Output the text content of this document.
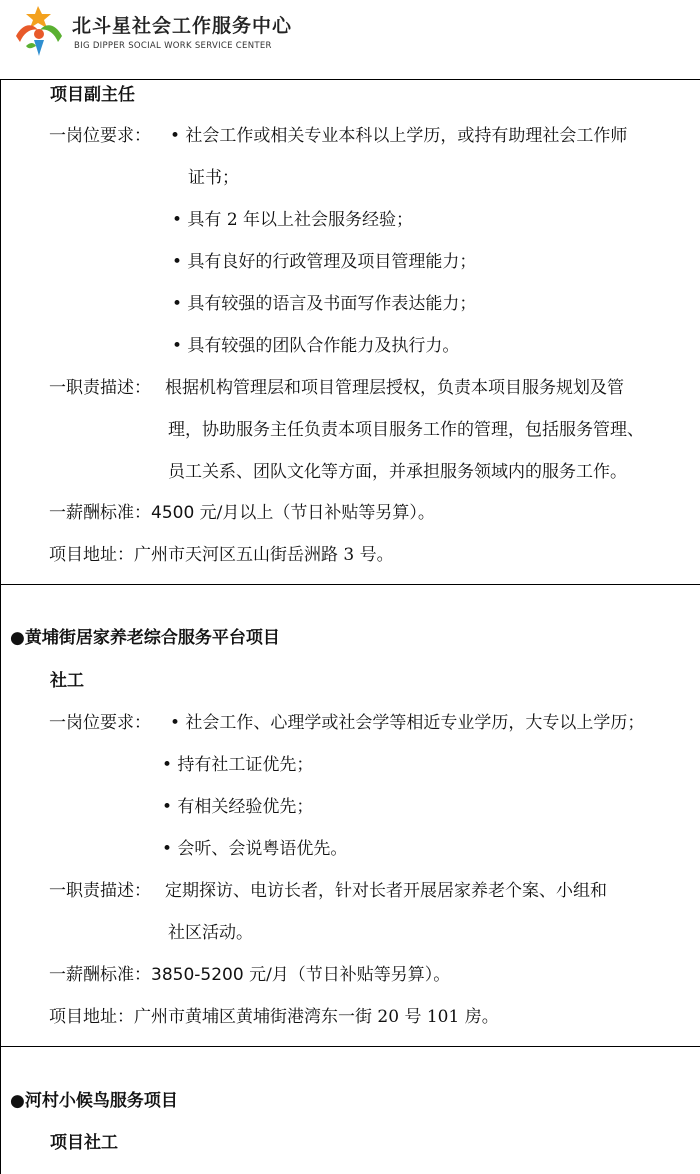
北斗星社会工作服务中心
BIG DIPPER SOCIAL WORK SERVICE CENTER
项目副主任
一岗位要求： • 社会工作或相关专业本科以上学历，或持有助理社会工作师
证书；
• 具有 2 年以上社会服务经验；
• 具有良好的行政管理及项目管理能力；
• 具有较强的语言及书面写作表达能力；
• 具有较强的团队合作能力及执行力。
一职责描述： 根据机构管理层和项目管理层授权，负责本项目服务规划及管
理，协助服务主任负责本项目服务工作的管理，包括服务管理、
员工关系、团队文化等方面，并承担服务领域内的服务工作。
一薪酬标准：4500 元/月以上（节日补贴等另算）。
项目地址：广州市天河区五山街岳洲路 3 号。
●黄埔街居家养老综合服务平台项目
社工
一岗位要求： • 社会工作、心理学或社会学等相近专业学历，大专以上学历；
• 持有社工证优先；
• 有相关经验优先；
• 会听、会说粤语优先。
一职责描述： 定期探访、电访长者，针对长者开展居家养老个案、小组和
社区活动。
一薪酬标准：3850-5200 元/月（节日补贴等另算）。
项目地址：广州市黄埔区黄埔街港湾东一街 20 号 101 房。
●河村小候鸟服务项目
项目社工
